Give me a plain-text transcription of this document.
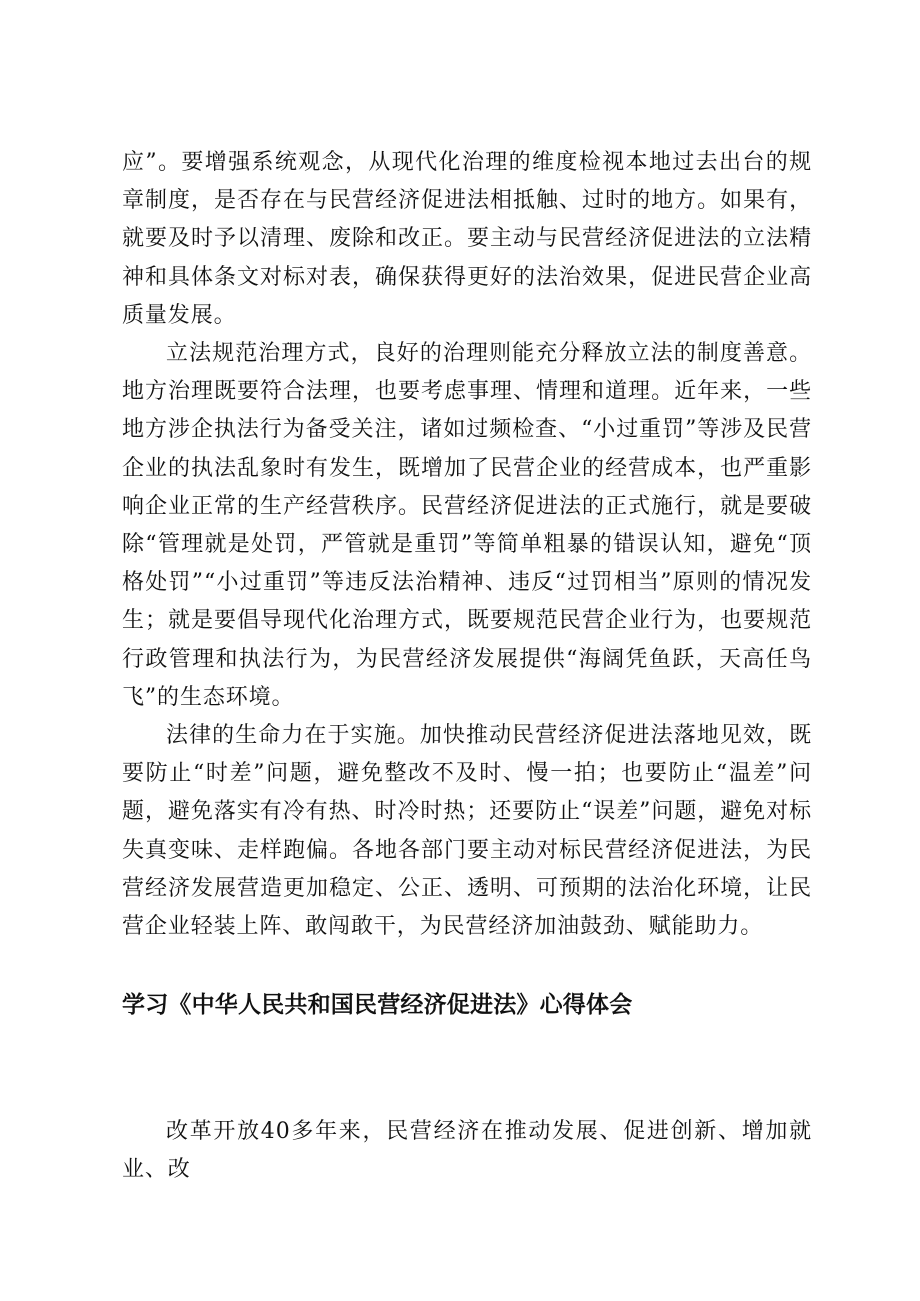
应”。要增强系统观念，从现代化治理的维度检视本地过去出台的规章制度，是否存在与民营经济促进法相抵触、过时的地方。如果有，就要及时予以清理、废除和改正。要主动与民营经济促进法的立法精神和具体条文对标对表，确保获得更好的法治效果，促进民营企业高质量发展。

立法规范治理方式，良好的治理则能充分释放立法的制度善意。地方治理既要符合法理，也要考虑事理、情理和道理。近年来，一些地方涉企执法行为备受关注，诸如过频检查、“小过重罚”等涉及民营企业的执法乱象时有发生，既增加了民营企业的经营成本，也严重影响企业正常的生产经营秩序。民营经济促进法的正式施行，就是要破除“管理就是处罚，严管就是重罚”等简单粗暴的错误认知，避免“顶格处罚”“小过重罚”等违反法治精神、违反“过罚相当”原则的情况发生；就是要倡导现代化治理方式，既要规范民营企业行为，也要规范行政管理和执法行为，为民营经济发展提供“海阔凭鱼跃，天高任鸟飞”的生态环境。

法律的生命力在于实施。加快推动民营经济促进法落地见效，既要防止“时差”问题，避免整改不及时、慢一拍；也要防止“温差”问题，避免落实有冷有热、时冷时热；还要防止“误差”问题，避免对标失真变味、走样跑偏。各地各部门要主动对标民营经济促进法，为民营经济发展营造更加稳定、公正、透明、可预期的法治化环境，让民营企业轻装上阵、敢闯敢干，为民营经济加油鼓劲、赋能助力。

学习《中华人民共和国民营经济促进法》心得体会

改革开放40多年来，民营经济在推动发展、促进创新、增加就业、改
